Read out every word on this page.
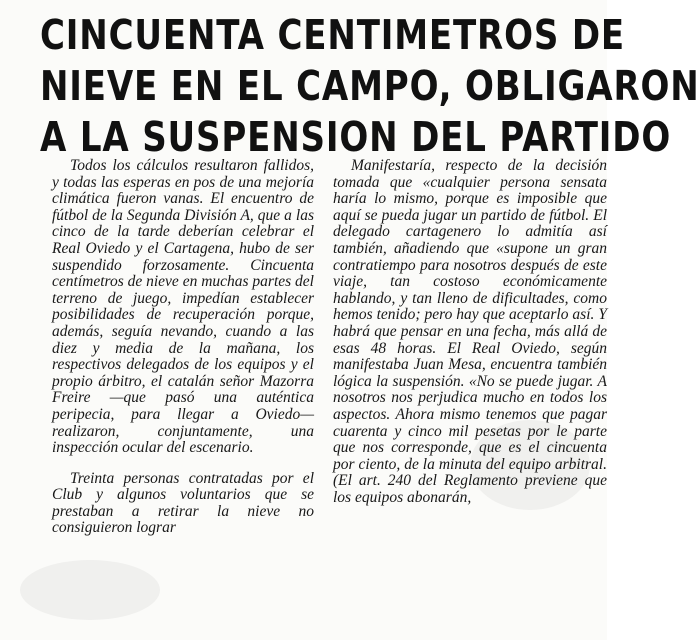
CINCUENTA CENTIMETROS DE
NIEVE EN EL CAMPO, OBLIGARON
A LA SUSPENSION DEL PARTIDO

Todos los cálculos resultaron fallidos, y todas las esperas en pos de una mejoría climática fueron vanas. El encuentro de fútbol de la Segunda División A, que a las cinco de la tarde deberían celebrar el Real Oviedo y el Cartagena, hubo de ser suspendido forzosamente. Cincuenta centímetros de nieve en muchas partes del terreno de juego, impedían establecer posibilidades de recuperación porque, además, seguía nevando, cuando a las diez y media de la mañana, los respectivos delegados de los equipos y el propio árbitro, el catalán señor Mazorra Freire —que pasó una auténtica peripecia, para llegar a Oviedo— realizaron, conjuntamente, una inspección ocular del escenario.

Treinta personas contratadas por el Club y algunos voluntarios que se prestaban a retirar la nieve no consiguieron lograr

Manifestaría, respecto de la decisión tomada que «cualquier persona sensata haría lo mismo, porque es imposible que aquí se pueda jugar un partido de fútbol. El delegado cartagenero lo admitía así también, añadiendo que «supone un gran contratiempo para nosotros después de este viaje, tan costoso económicamente hablando, y tan lleno de dificultades, como hemos tenido; pero hay que aceptarlo así. Y habrá que pensar en una fecha, más allá de esas 48 horas. El Real Oviedo, según manifestaba Juan Mesa, encuentra también lógica la suspensión. «No se puede jugar. A nosotros nos perjudica mucho en todos los aspectos. Ahora mismo tenemos que pagar cuarenta y cinco mil pesetas por le parte que nos corresponde, que es el cincuenta por ciento, de la minuta del equipo arbitral. (El art. 240 del Reglamento previene que los equipos abonarán,
